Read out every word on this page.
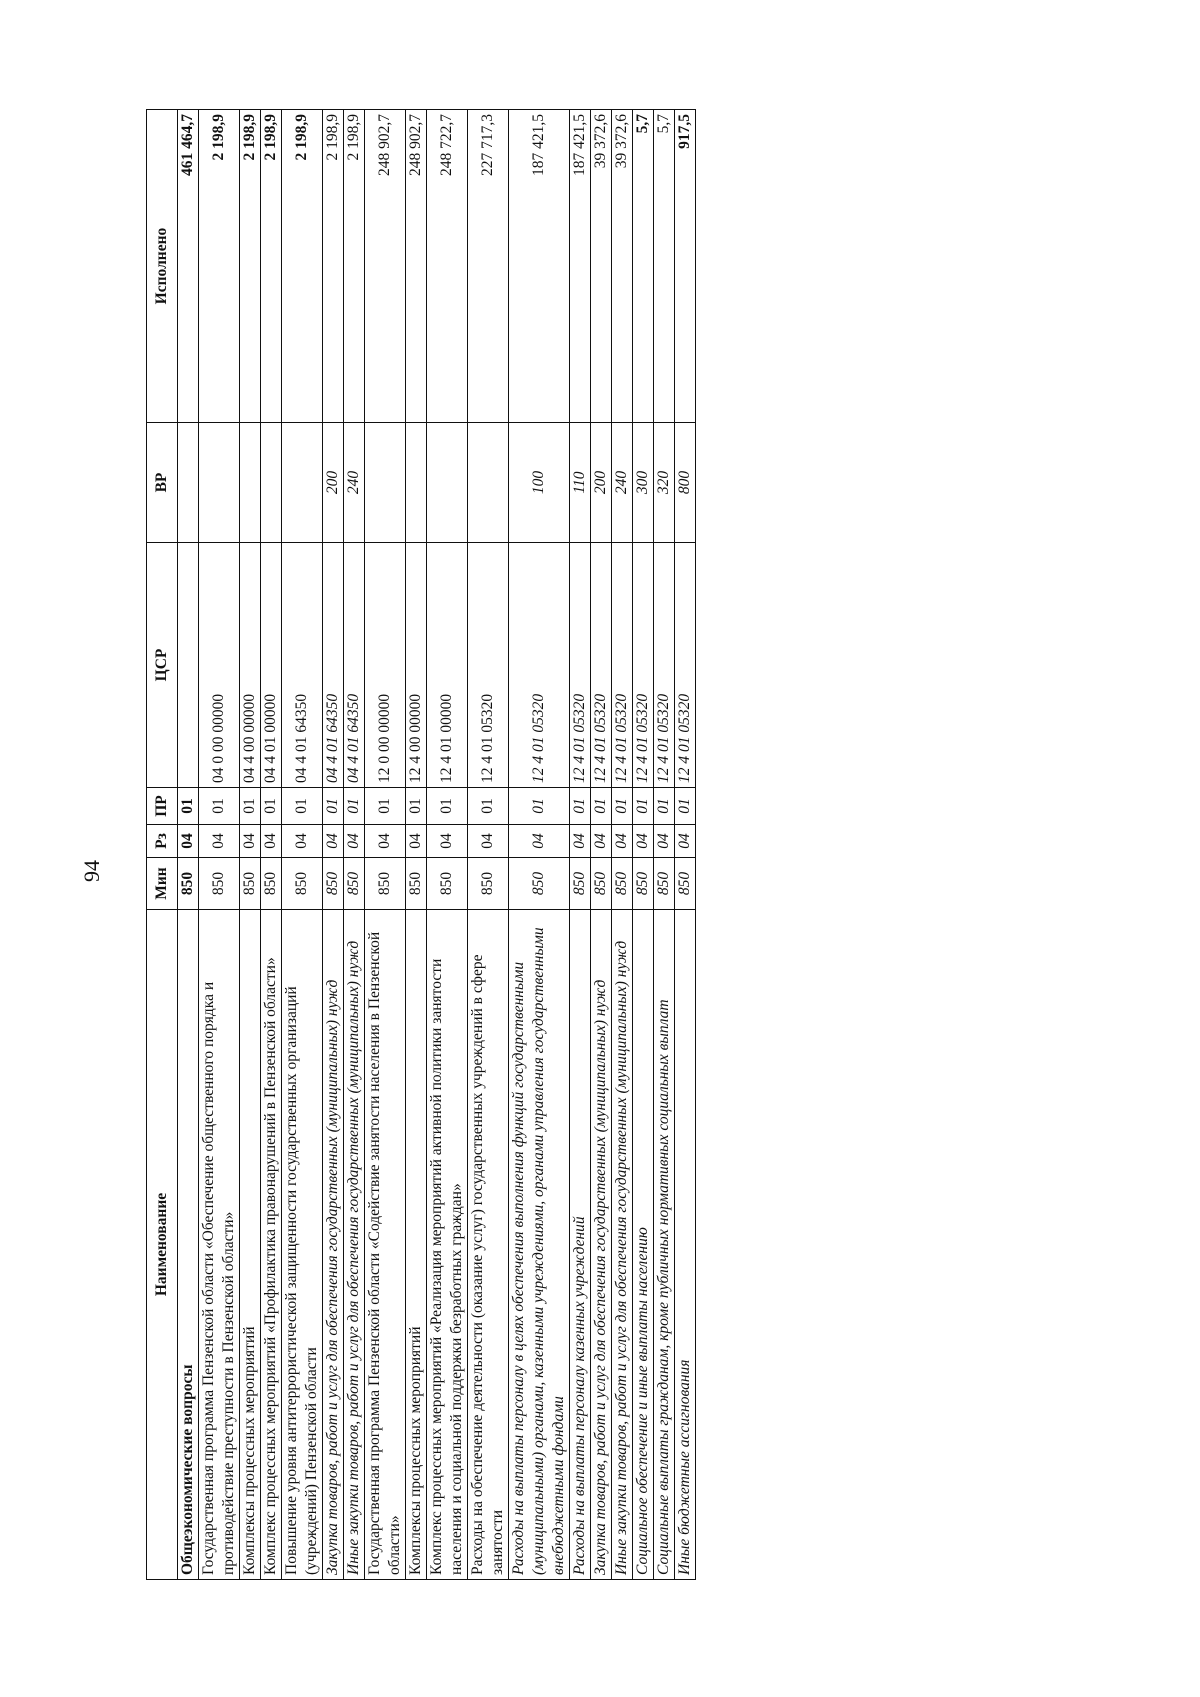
94
Наименование	Мин	Рз	ПР	ЦСР	ВР	Исполнено
Общеэкономические вопросы	850	04	01			461 464,7
Государственная программа Пензенской области «Обеспечение общественного порядка и противодействие преступности в Пензенской области»	850	04	01	04 0 00 00000		2 198,9
Комплексы процессных мероприятий	850	04	01	04 4 00 00000		2 198,9
Комплекс процессных мероприятий «Профилактика правонарушений в Пензенской области»	850	04	01	04 4 01 00000		2 198,9
Повышение уровня антитеррористической защищенности государственных организаций (учреждений) Пензенской области	850	04	01	04 4 01 64350		2 198,9
Закупка товаров, работ и услуг для обеспечения государственных (муниципальных) нужд	850	04	01	04 4 01 64350	200	2 198,9
Иные закупки товаров, работ и услуг для обеспечения государственных (муниципальных) нужд	850	04	01	04 4 01 64350	240	2 198,9
Государственная программа Пензенской области «Содействие занятости населения в Пензенской области»	850	04	01	12 0 00 00000		248 902,7
Комплексы процессных мероприятий	850	04	01	12 4 00 00000		248 902,7
Комплекс процессных мероприятий «Реализация мероприятий активной политики занятости населения и социальной поддержки безработных граждан»	850	04	01	12 4 01 00000		248 722,7
Расходы на обеспечение деятельности (оказание услуг) государственных учреждений в сфере занятости	850	04	01	12 4 01 05320		227 717,3
Расходы на выплаты персоналу в целях обеспечения выполнения функций государственными (муниципальными) органами, казенными учреждениями, органами управления государственными внебюджетными фондами	850	04	01	12 4 01 05320	100	187 421,5
Расходы на выплаты персоналу казенных учреждений	850	04	01	12 4 01 05320	110	187 421,5
Закупка товаров, работ и услуг для обеспечения государственных (муниципальных) нужд	850	04	01	12 4 01 05320	200	39 372,6
Иные закупки товаров, работ и услуг для обеспечения государственных (муниципальных) нужд	850	04	01	12 4 01 05320	240	39 372,6
Социальное обеспечение и иные выплаты населению	850	04	01	12 4 01 05320	300	5,7
Социальные выплаты гражданам, кроме публичных нормативных социальных выплат	850	04	01	12 4 01 05320	320	5,7
Иные бюджетные ассигнования	850	04	01	12 4 01 05320	800	917,5
